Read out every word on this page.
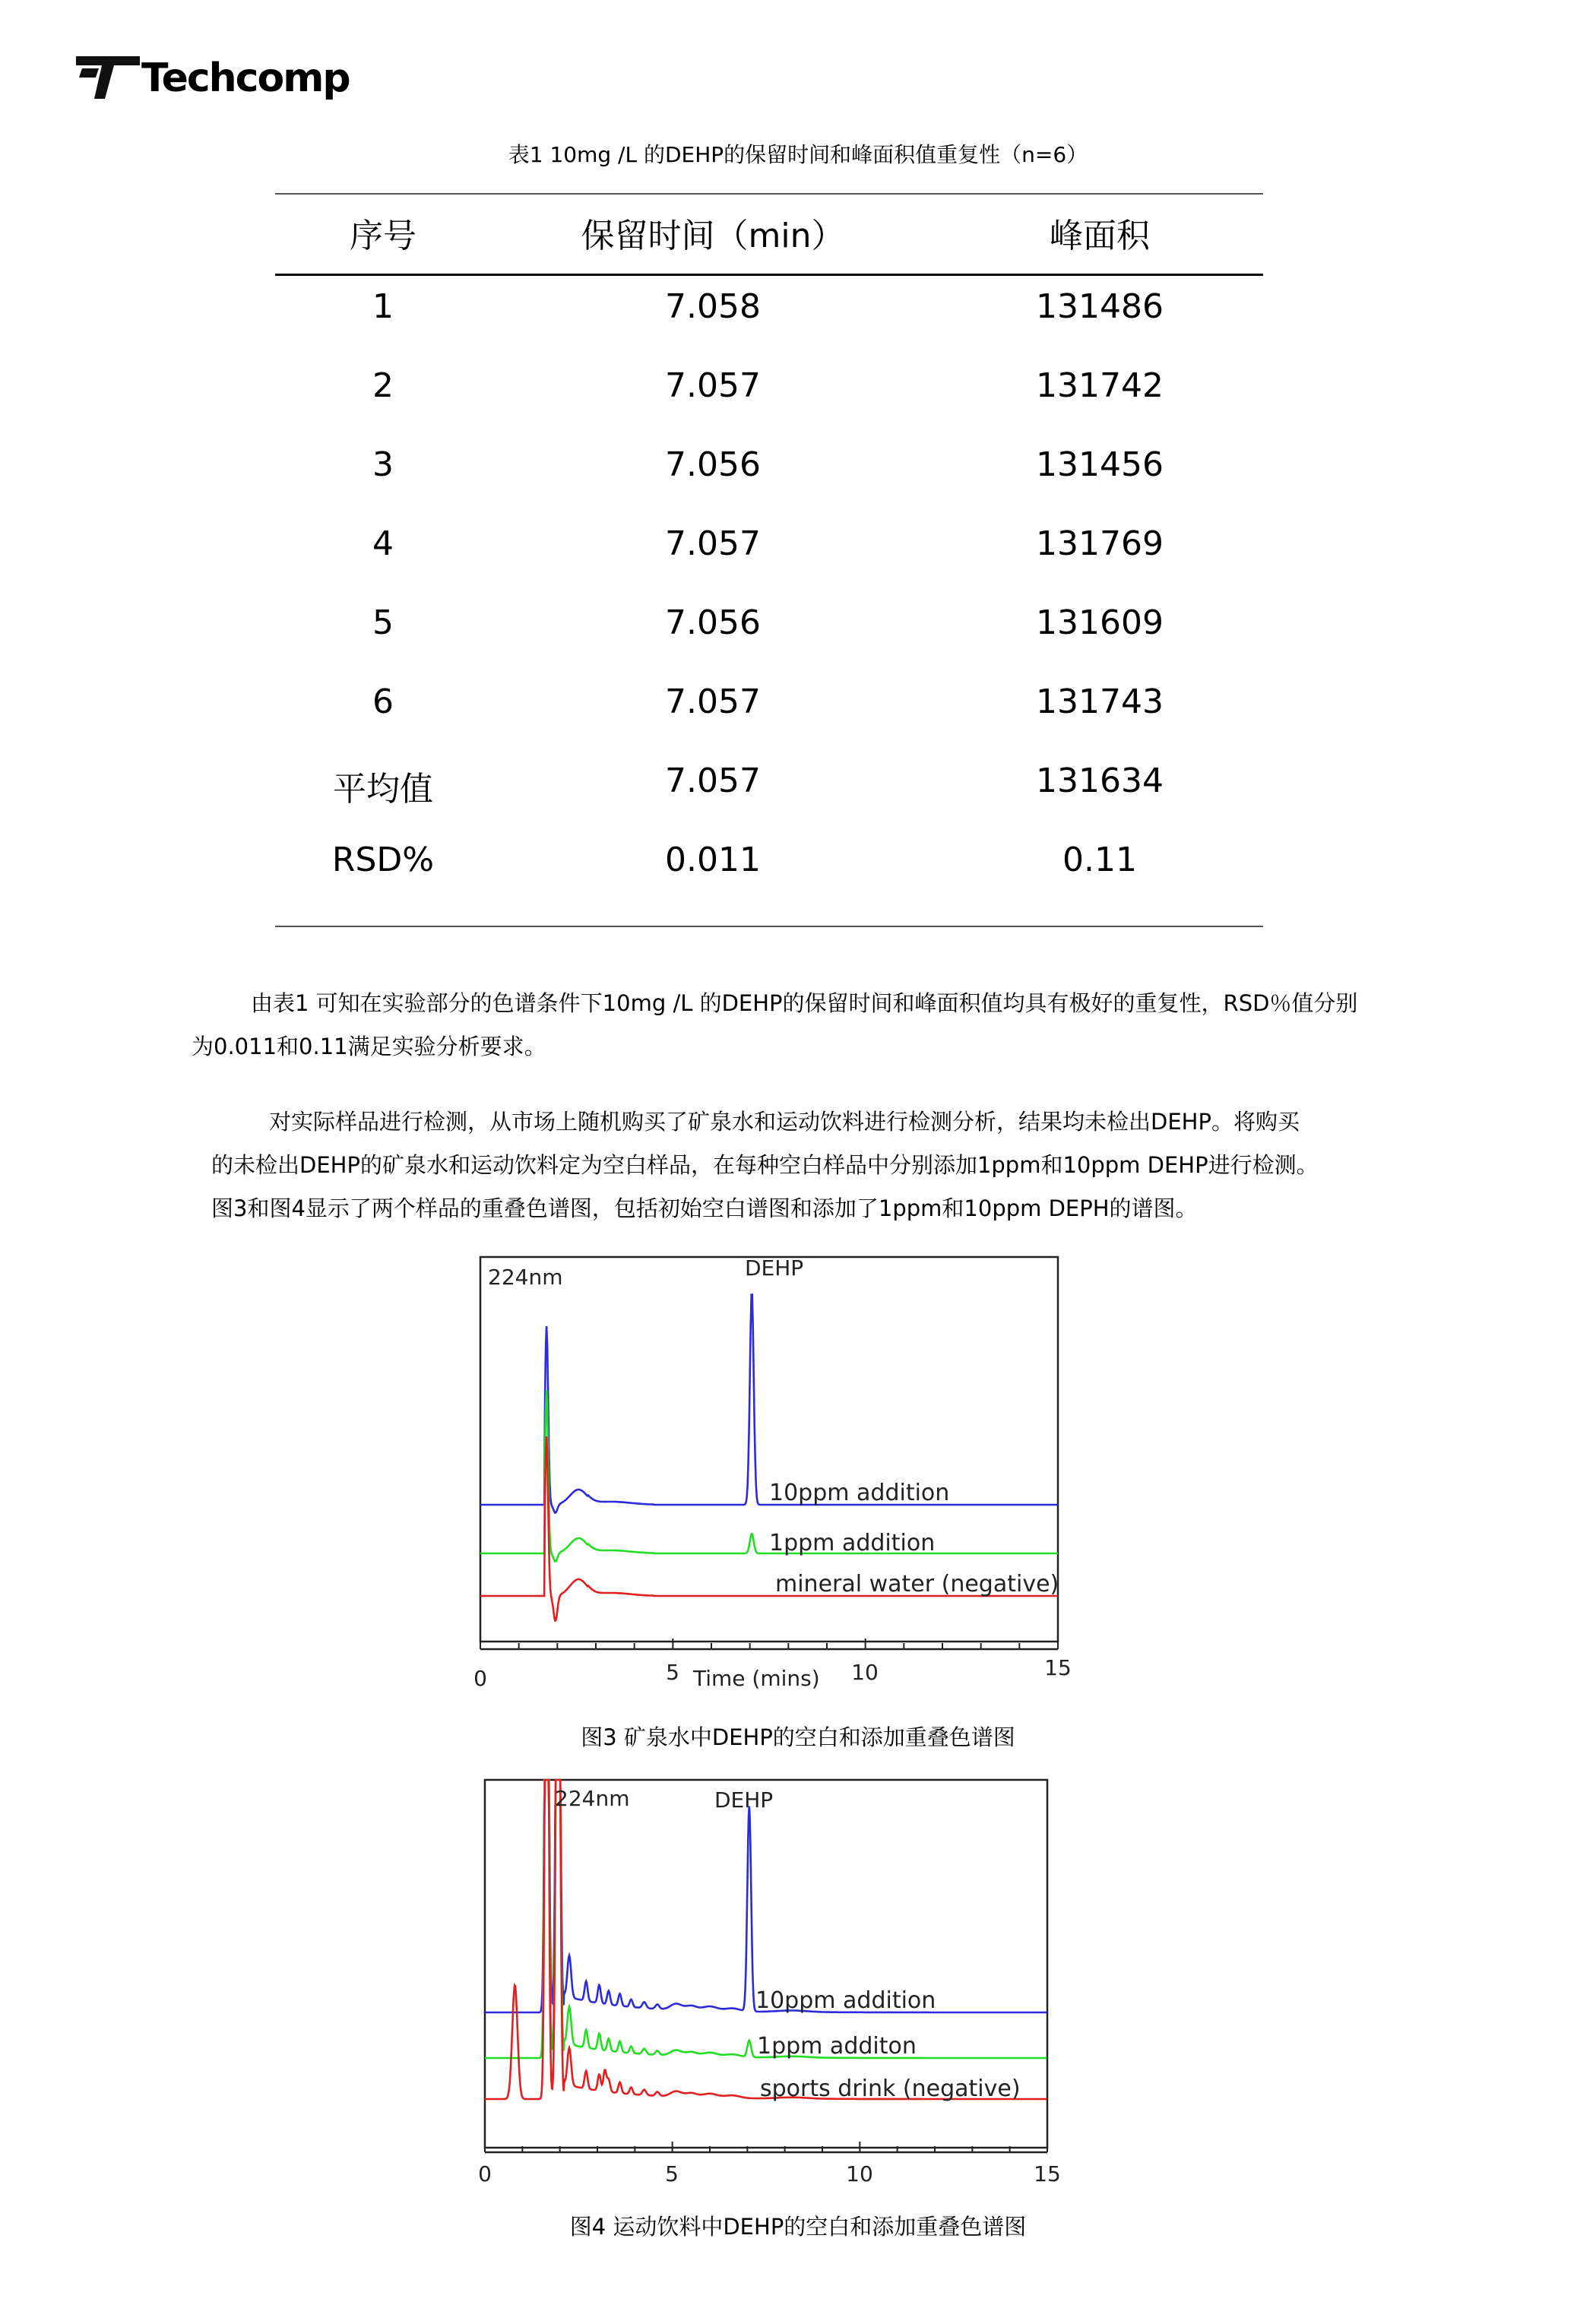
Techcomp
表1 10mg /L 的DEHP的保留时间和峰面积值重复性（n=6）
序号	保留时间（min）	峰面积
1	7.058	131486
2	7.057	131742
3	7.056	131456
4	7.057	131769
5	7.056	131609
6	7.057	131743
平均值	7.057	131634
RSD%	0.011	0.11
由表1 可知在实验部分的色谱条件下10mg /L 的DEHP的保留时间和峰面积值均具有极好的重复性，RSD％值分别
为0.011和0.11满足实验分析要求。
对实际样品进行检测，从市场上随机购买了矿泉水和运动饮料进行检测分析，结果均未检出DEHP。将购买
的未检出DEHP的矿泉水和运动饮料定为空白样品，在每种空白样品中分别添加1ppm和10ppm DEHP进行检测。
图3和图4显示了两个样品的重叠色谱图，包括初始空白谱图和添加了1ppm和10ppm DEPH的谱图。
224nm	DEHP
10ppm addition
1ppm addition
mineral water (negative)
Time (mins)
0	5	10	15
图3 矿泉水中DEHP的空白和添加重叠色谱图
224nm	DEHP
10ppm addition
1ppm additon
sports drink (negative)
0	5	10	15
图4 运动饮料中DEHP的空白和添加重叠色谱图
